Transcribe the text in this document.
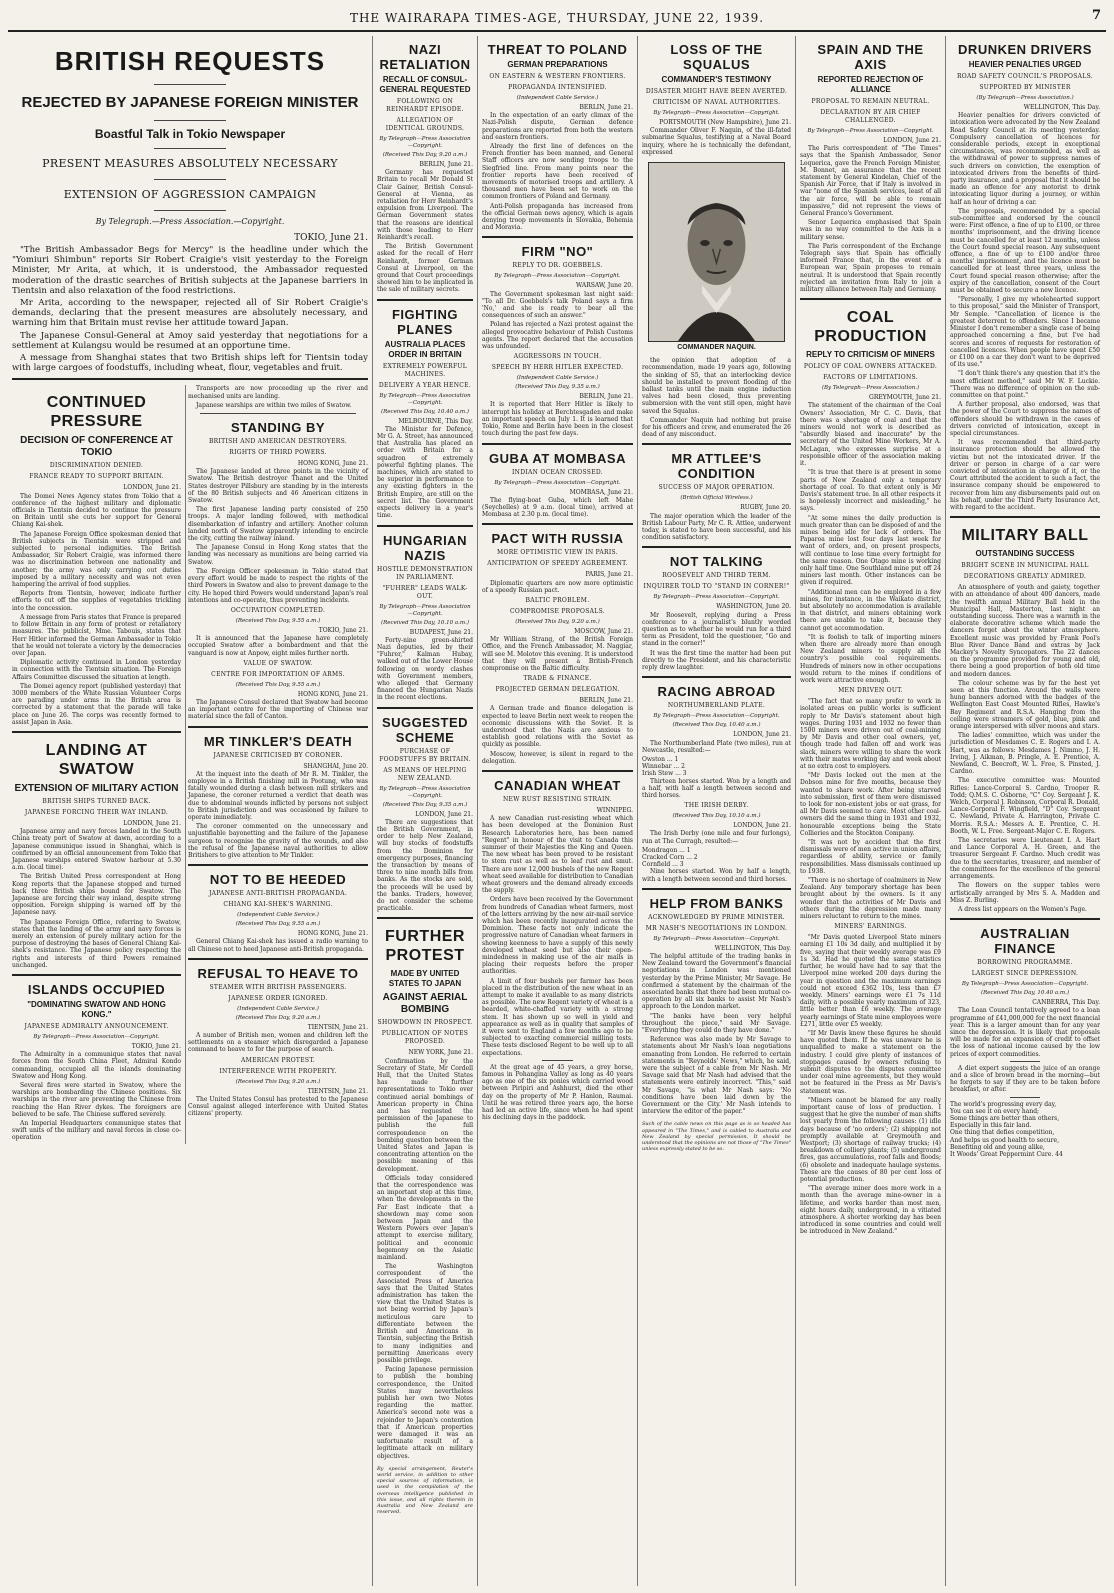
THE WAIRARAPA TIMES-AGE, THURSDAY, JUNE 22, 1939.	7
BRITISH REQUESTS
REJECTED BY JAPANESE FOREIGN MINISTER
Boastful Talk in Tokio Newspaper
PRESENT MEASURES ABSOLUTELY NECESSARY
EXTENSION OF AGGRESSION CAMPAIGN
By Telegraph.—Press Association.—Copyright.
TOKIO, June 21.

"The British Ambassador Begs for Mercy" is the headline under which the "Yomiuri Shimbun" reports Sir Robert Craigie's visit yesterday to the Foreign Minister, Mr Arita, at which, it is understood, the Ambassador requested moderation of the drastic searches of British subjects at the Japanese barriers in Tientsin and also relaxation of the food restrictions.

Mr Arita, according to the newspaper, rejected all of Sir Robert Craigie's demands, declaring that the present measures are absolutely necessary, and warning him that Britain must revise her attitude toward Japan.

The Japanese Consul-General at Amoy said yesterday that negotiations for a settlement at Kulangsu would be resumed at an opportune time.

A message from Shanghai states that two British ships left for Tientsin today with large cargoes of foodstuffs, including wheat, flour, vegetables and fruit.

CONTINUED PRESSURE
DECISION OF CONFERENCE AT TOKIO
DISCRIMINATION DENIED.
FRANCE READY TO SUPPORT BRITAIN.
LONDON, June 21.

The Domei News Agency states from Tokio that a conference of the highest military and diplomatic officials in Tientsin decided to continue the pressure on Britain until she cuts her support for General Chiang Kai-shek.

The Japanese Foreign Office spokesman denied that British subjects in Tientsin were stripped and subjected to personal indignities. The British Ambassador, Sir Robert Craigie, was informed there was no discrimination between one nationality and another; the army was only carrying out duties imposed by a military necessity and was not even hampering the arrival of food supplies.

Reports from Tientsin, however, indicate further efforts to cut off the supplies of vegetables trickling into the concession.

A message from Paris states that France is prepared to follow Britain in any form of protest or retaliatory measures. The publicist, Mme. Tabouis, states that Herr Hitler informed the German Ambassador in Tokio that he would not tolerate a victory by the democracies over Japan.

Diplomatic activity continued in London yesterday in connection with the Tientsin situation. The Foreign Affairs Committee discussed the situation at length.

The Domei agency report (published yesterday) that 3000 members of the White Russian Volunteer Corps are parading under arms in the British area is corrected by a statement that the parade will take place on June 26. The corps was recently formed to assist Japan in Asia.

LANDING AT SWATOW
EXTENSION OF MILITARY ACTION
BRITISH SHIPS TURNED BACK.
JAPANESE FORCING THEIR WAY INLAND.
LONDON, June 21.

Japanese army and navy forces landed in the South China treaty port of Swatow at dawn, according to a Japanese communique issued in Shanghai, which is confirmed by an official announcement from Tokio that Japanese warships entered Swatow harbour at 5.30 a.m. (local time).

The British United Press correspondent at Hong Kong reports that the Japanese stopped and turned back three British ships bound for Swatow. The Japanese are forcing their way inland, despite strong opposition. Foreign shipping is warned off by the Japanese navy.

The Japanese Foreign Office, referring to Swatow, states that the landing of the army and navy forces is merely an extension of purely military action for the purpose of destroying the bases of General Chiang Kai-shek's resistance. The Japanese policy respecting the rights and interests of third Powers remained unchanged.

ISLANDS OCCUPIED
"DOMINATING SWATOW AND HONG KONG."
JAPANESE ADMIRALTY ANNOUNCEMENT.
By Telegraph—Press Association—Copyright.
TOKIO, June 21.

The Admiralty in a communique states that naval forces from the South China Fleet, Admiral Kondo commanding, occupied all the islands dominating Swatow and Hong Kong.

Several fires were started in Swatow, where the warships are bombarding the Chinese positions. Six warships in the river are preventing the Chinese from reaching the Han River dykes. The foreigners are believed to be safe. The Chinese suffered severely.

An Imperial Headquarters communique states that swift units of the military and naval forces in close co-operation

Transports are now proceeding up the river and mechanised units are landing.

Japanese warships are within two miles of Swatow.

STANDING BY
BRITISH AND AMERICAN DESTROYERS.
RIGHTS OF THIRD POWERS.
HONG KONG, June 21.

The Japanese landed at three points in the vicinity of Swatow. The British destroyer Thanet and the United States destroyer Pillsbury are standing by in the interests of the 80 British subjects and 46 American citizens in Swatow.

The first Japanese landing party consisted of 250 troops. A major landing followed, with methodical disembarkation of infantry and artillery. Another column landed north of Swatow apparently intending to encircle the city, cutting the railway inland.

The Japanese Consul in Hong Kong states that the landing was necessary as munitions are being carried via Swatow.

The Foreign Officer spokesman in Tokio stated that every effort would be made to respect the rights of the third Powers in Swatow and also to prevent damage to the city. He hoped third Powers would understand Japan's real intentions and co-operate, thus preventing incidents.

OCCUPATION COMPLETED.
(Received This Day, 9.55 a.m.)
TOKIO, June 21.

It is announced that the Japanese have completely occupied Swatow after a bombardment and that the vanguard is now at Anpow, eight miles further north.

VALUE OF SWATOW.
CENTRE FOR IMPORTATION OF ARMS.
(Received This Day, 9.55 a.m.)
HONG KONG, June 21.

The Japanese Consul declared that Swatow had become an important centre for the importing of Chinese war material since the fall of Canton.

MR TINKLER'S DEATH
JAPANESE CRITICISED BY CORONER.
SHANGHAI, June 20.

At the inquest into the death of Mr R. M. Tinkler, the employee in a British finishing mill in Pootung, who was fatally wounded during a clash between mill strikers and Japanese, the coroner returned a verdict that death was due to abdominal wounds inflicted by persons not subject to British jurisdiction and was occasioned by failure to operate immediately.

The coroner commented on the unnecessary and unjustifiable bayonetting and the failure of the Japanese surgeon to recognise the gravity of the wounds, and also the refusal of the Japanese naval authorities to allow Britishers to give attention to Mr Tinkler.

NOT TO BE HEEDED
JAPANESE ANTI-BRITISH PROPAGANDA.
CHIANG KAI-SHEK'S WARNING.
(Independent Cable Service.)
(Received This Day, 9.55 a.m.)
HONG KONG, June 21.

General Chiang Kai-shek has issued a radio warning to all Chinese not to heed Japanese anti-British propaganda.

REFUSAL TO HEAVE TO
STEAMER WITH BRITISH PASSENGERS.
JAPANESE ORDER IGNORED.
(Independent Cable Service.)
(Received This Day, 9.20 a.m.)
TIENTSIN, June 21.

A number of British men, women and children left the settlements on a steamer which disregarded a Japanese command to heave to for the purpose of search.

AMERICAN PROTEST.
INTERFERENCE WITH PROPERTY.
(Received This Day, 9.20 a.m.)
TIENTSIN, June 21.

The United States Consul has protested to the Japanese Consul against alleged interference with United States citizens' property.

NAZI RETALIATION
RECALL OF CONSUL-GENERAL REQUESTED
FOLLOWING ON REINHARDT EPISODE.
ALLEGATION OF IDENTICAL GROUNDS.
By Telegraph—Press Association—Copyright.
(Received This Day, 9.20 a.m.)
BERLIN, June 21.

Germany has requested Britain to recall Mr Donald St Clair Gainer, British Consul-General at Vienna, as retaliation for Herr Reinhardt's expulsion from Liverpool. The German Government states that the reasons are identical with those leading to Herr Reinhardt's recall.

The British Government asked for the recall of Herr Reinhardt, former German Consul at Liverpool, on the ground that Court proceedings showed him to be implicated in the sale of military secrets.

FIGHTING PLANES
AUSTRALIA PLACES ORDER IN BRITAIN
EXTREMELY POWERFUL MACHINES.
DELIVERY A YEAR HENCE.
By Telegraph—Press Association—Copyright.
(Received This Day, 10.40 a.m.)
MELBOURNE, This Day.

The Minister for Defence, Mr G. A. Street, has announced that Australia has placed an order with Britain for a squadron of extremely powerful fighting planes. The machines, which are stated to be superior in performance to any existing fighters in the British Empire, are still on the secret list. The Government expects delivery in a year's time.

HUNGARIAN NAZIS
HOSTILE DEMONSTRATION IN PARLIAMENT.
"FUHRER" LEADS WALK-OUT.
By Telegraph—Press Association—Copyright.
(Received This Day, 10.10 a.m.)
BUDAPEST, June 21.

Forty-nine green-shirted Nazi deputies, led by their "Fuhrer," Kalman Hubay, walked out of the Lower House following on wordy clashes with Government members, who alleged that Germany financed the Hungarian Nazis in the recent elections.

SUGGESTED SCHEME
PURCHASE OF FOODSTUFFS BY BRITAIN.
AS MEANS OF HELPING NEW ZEALAND.
By Telegraph—Press Association—Copyright.
(Received This Day, 9.35 a.m.)
LONDON, June 21.

There are suggestions that the British Government, in order to help New Zealand, will buy stocks of foodstuffs from the Dominion for emergency purposes, financing the transaction by means of three to nine month bills from banks. As the stocks are sold, the proceeds will be used by the banks. Traders, however, do not consider the scheme practicable.

FURTHER PROTEST
MADE BY UNITED STATES TO JAPAN
AGAINST AERIAL BOMBING
SHOWDOWN IN PROSPECT.
PUBLICATION OF NOTES PROPOSED.
NEW YORK, June 21.

Confirmation by the Secretary of State, Mr Cordell Hull, that the United States has made further representations to Tokio over continued aerial bombings of American property in China and has requested the permission of the Japanese to publish the full correspondence on the bombing question between the United States and Japan is concentrating attention on the possible meaning of this development.

Officials today considered that the correspondence was an important step at this time, when the developments in the Far East indicate that a showdown may come soon between Japan and the Western Powers over Japan's attempt to exercise military, political and economic hegemony on the Asiatic mainland.

The Washington correspondent of the Associated Press of America says that the United States administration has taken the view that the United States is not being worried by Japan's meticulous care to differentiate between the British and Americans in Tientsin, subjecting the British to many indignities and permitting Americans every possible privilege.

Pacing Japanese permission to publish the bombing correspondence, the United States may nevertheless publish her own two Notes regarding the matter. America's second note was a rejoinder to Japan's contention that if American properties were damaged it was an unfortunate result of a legitimate attack on military objectives.

By special arrangement, Reuter's world service, in addition to other special sources of information, is used in the compilation of the overseas intelligence published in this issue, and all rights therein in Australia and New Zealand are reserved.
THREAT TO POLAND
GERMAN PREPARATIONS
ON EASTERN & WESTERN FRONTIERS.
PROPAGANDA INTENSIFIED.
(Independent Cable Service.)
BERLIN, June 21.

In the expectation of an early climax of the Nazi-Polish dispute, German defence preparations are reported from both the western and eastern frontiers.

Already the first line of defences on the French frontier has been manned, and General Staff officers are now sending troops to the Siegfried line. From many points near the frontier reports have been received of movements of motorised troops and artillery. A thousand men have been set to work on the common frontiers of Poland and Germany.

Anti-Polish propaganda has increased from the official German news agency, which is again denying troop movements in Slovakia, Bohemia and Moravia.

FIRM "NO"
REPLY TO DR. GOEBBELS.
By Telegraph—Press Association—Copyright.
WARSAW, June 20.

The Government spokesman last night said: "To all Dr. Goebbels's talk Poland says a firm 'No,' and she is ready to bear all the consequences of such an answer."

Poland has rejected a Nazi protest against the alleged provocative behaviour of Polish Customs agents. The report declared that the accusation was unfounded.

AGGRESSORS IN TOUCH.
SPEECH BY HERR HITLER EXPECTED.
(Independent Cable Service.)
(Received This Day, 9.35 a.m.)
BERLIN, June 21.

It is reported that Herr Hitler is likely to interrupt his holiday at Berchtesgaden and make an important speech on July 1. It is learned that Tokio, Rome and Berlin have been in the closest touch during the past few days.

GUBA AT MOMBASA
INDIAN OCEAN CROSSED.
By Telegraph—Press Association—Copyright.
MOMBASA, June 21.

The flying-boat Guba, which left Mahe (Seychelles) at 9 a.m. (local time), arrived at Mombasa at 2.30 p.m. (local time).

PACT WITH RUSSIA
MORE OPTIMISTIC VIEW IN PARIS.
ANTICIPATION OF SPEEDY AGREEMENT.
PARIS, June 21.

Diplomatic quarters are now more optimistic of a speedy Russian pact.

BALTIC PROBLEM.
COMPROMISE PROPOSALS.
(Received This Day, 9.20 a.m.)
MOSCOW, June 21.

Mr William Strang, of the British Foreign Office, and the French Ambassador, M. Naggiar, will see M. Molotov this evening. It is understood that they will present a British-French compromise on the Baltic difficulty.

TRADE & FINANCE.
PROJECTED GERMAN DELEGATION.
BERLIN, June 21.

A German trade and finance delegation is expected to leave Berlin next week to reopen the economic discussions with the Soviet. It is understood that the Nazis are anxious to establish good relations with the Soviet as quickly as possible.

Moscow, however, is silent in regard to the delegation.

CANADIAN WHEAT
NEW RUST RESISTING STRAIN.
WINNIPEG.

A new Canadian rust-resisting wheat which has been developed at the Dominion Rust Research Laboratories here, has been named "Regent" in honour of the visit to Canada this summer of their Majesties the King and Queen. The new wheat has been proved to be resistant to stem rust as well as to leaf rust and smut. There are now 12,000 bushels of the new Regent wheat seed available for distribution to Canadian wheat growers and the demand already exceeds the supply.

Orders have been received by the Government from hundreds of Canadian wheat farmers, most of the letters arriving by the new air-mail service which has been recently inaugurated across the Dominion. These facts not only indicate the progressive nature of Canadian wheat farmers in showing keenness to have a supply of this newly developed wheat seed but also their open-mindedness in making use of the air mails in placing their requests before the proper authorities.

A limit of four bushels per farmer has been placed in the distribution of the new wheat in an attempt to make it available to as many districts as possible. The new Regent variety of wheat is a bearded, white-chaffed variety with a strong stem. It has shown up so well in yield and appearance as well as in quality that samples of it were sent to England a few months ago to be subjected to exacting commercial milling tests. These tests disclosed Regent to be well up to all expectations.

At the great age of 45 years, a grey horse, famous in Pohangina Valley as long as 40 years ago as one of the six ponies which carried wood between Piripiri and Ashhurst, died the other day on the property of Mr P. Hanlon, Raumai. Until he was retired three years ago, the horse had led an active life, since when he had spent his declining days in the paddock.

LOSS OF THE SQUALUS
COMMANDER'S TESTIMONY
DISASTER MIGHT HAVE BEEN AVERTED.
CRITICISM OF NAVAL AUTHORITIES.
By Telegraph—Press Association—Copyright.
PORTSMOUTH (New Hampshire), June 21.

Commander Oliver F. Naquin, of the ill-fated submarine Squalus, testifying at a Naval Board inquiry, where he is technically the defendant, expressed

COMMANDER NAQUIN.

the opinion that adoption of a recommendation, made 19 years ago, following the sinking of S5, that an interlocking device should be installed to prevent flooding of the ballast tanks until the main engine induction valves had been closed, thus preventing submersion with the vent still open, might have saved the Squalus.

Commander Naquin had nothing but praise for his officers and crew, and enumerated the 26 dead of any misconduct.

MR ATTLEE'S CONDITION
SUCCESS OF MAJOR OPERATION.
(British Official Wireless.)
RUGBY, June 20.

The major operation which the leader of the British Labour Party, Mr C. R. Attlee, underwent today, is stated to have been successful, and his condition satisfactory.

NOT TALKING
ROOSEVELT AND THIRD TERM.
INQUIRER TOLD TO "STAND IN CORNER!"
By Telegraph—Press Association—Copyright.
WASHINGTON, June 20.

Mr Roosevelt, replying during a Press conference to a journalist's bluntly worded question as to whether he would run for a third term as President, told the questioner, "Go and stand in the corner!"

It was the first time the matter had been put directly to the President, and his characteristic reply drew laughter.

RACING ABROAD
NORTHUMBERLAND PLATE.
By Telegraph—Press Association—Copyright.
(Received This Day, 10.40 a.m.)
LONDON, June 21.

The Northumberland Plate (two miles), run at Newcastle, resulted:—

Owston ... 1
Winnebar ... 2
Irish Stew ... 3

Thirteen horses started. Won by a length and a half, with half a length between second and third horses.

THE IRISH DERBY.
(Received This Day, 10.10 a.m.)
LONDON, June 21.

The Irish Derby (one mile and four furlongs), run at The Curragh, resulted:—

Mondragon ... 1
Cracked Corn ... 2
Cornfield ... 3

Nine horses started. Won by half a length, with a length between second and third horses.

HELP FROM BANKS
ACKNOWLEDGED BY PRIME MINISTER.
MR NASH'S NEGOTIATIONS IN LONDON.
By Telegraph—Press Association—Copyright.
WELLINGTON, This Day.

The helpful attitude of the trading banks in New Zealand toward the Government's financial negotiations in London was mentioned yesterday by the Prime Minister, Mr Savage. He confirmed a statement by the chairman of the associated banks that there had been mutual co-operation by all six banks to assist Mr Nash's approach to the London market.

"The banks have been very helpful throughout the piece," said Mr Savage. "Everything they could do they have done."

Reference was also made by Mr Savage to statements about Mr Nash's loan negotiations emanating from London. He referred to certain statements in "Reynolds' News," which, he said, were the subject of a cable from Mr Nash. Mr Savage said that Mr Nash had advised that the statements were entirely incorrect. "This," said Mr Savage, "is what Mr Nash says: 'No conditions have been laid down by the Government or the City.' Mr Nash intends to interview the editor of the paper."

Such of the cable news on this page as is so headed has appeared in "The Times," and is cabled to Australia and New Zealand by special permission. It should be understood that the opinions are not those of "The Times" unless expressly stated to be so.
SPAIN AND THE AXIS
REPORTED REJECTION OF ALLIANCE
PROPOSAL TO REMAIN NEUTRAL.
DECLARATION BY AIR CHIEF CHALLENGED.
By Telegraph—Press Association—Copyright.
LONDON, June 21.

The Paris correspondent of "The Times" says that the Spanish Ambassador, Senor Lequerica, gave the French Foreign Minister, M. Bonnet, an assurance that the recent statement by General Kindelan, Chief of the Spanish Air Force, that if Italy is involved in war "none of the Spanish services, least of all the air force, will be able to remain impassive," did not represent the views of General Franco's Government.

Senor Lequerica emphasised that Spain was in no way committed to the Axis in a military sense.

The Paris correspondent of the Exchange Telegraph says that Spain has officially informed France that, in the event of a European war, Spain proposes to remain neutral. It is understood that Spain recently rejected an invitation from Italy to join a military alliance between Italy and Germany.

COAL PRODUCTION
REPLY TO CRITICISM OF MINERS
POLICY OF COAL OWNERS ATTACKED.
FACTORS OF LIMITATIONS.
(By Telegraph—Press Association.)
GREYMOUTH, June 21.

The statement of the chairman of the Coal Owners' Association, Mr C. C. Davis, that there was a shortage of coal and that the miners would not work is described as "absurdly biased and inaccurate" by the secretary of the United Mine Workers, Mr A. McLagan, who expresses surprise at a responsible officer of the association making it.

"It is true that there is at present in some parts of New Zealand only a temporary shortage of coal. To that extent only is Mr Davis's statement true. In all other respects it is hopelessly incorrect and misleading," he says.

"At some mines the daily production is much greater than can be disposed of and the mines being idle for lack of orders. The Paparoa mine lost four days last week for want of orders, and, on present prospects, will continue to lose time every fortnight for the same reason. One Otago mine is working only half time. One Southland mine put off 24 miners last month. Other instances can be given if required.

"Additional men can be employed in a few mines, for instance, in the Waikato district, but absolutely no accommodation is available in that district, and miners obtaining work there are unable to take it, because they cannot get accommodation.

"It is foolish to talk of importing miners when there are already more than enough New Zealand miners to supply all the country's possible coal requirements. Hundreds of miners now in other occupations would return to the mines if conditions of work were attractive enough.

MEN DRIVEN OUT.

"The fact that so many prefer to work in isolated areas on public works is sufficient reply to Mr Davis's statement about high wages. During 1931 and 1932 no fewer than 1500 miners were driven out of coal-mining by Mr Davis and other coal owners, yet, though trade had fallen off and work was slack, miners were willing to share the work with their mates working day and week about at no extra cost to employers.

"Mr Davis locked out the men at the Dobson mine for five months, because they wanted to share work. After being starved into submission, first of them were dismissed to look for non-existent jobs or eat grass, for all Mr Davis seemed to care. Most other coal-owners did the same thing in 1931 and 1932, honourable exceptions being the State Collieries and the Stockton Company.

"It was not by accident that the first dismissals were of men active in union affairs, regardless of ability, service or family responsibilities. Mass dismissals continued up to 1938.

"There is no shortage of coalminers in New Zealand. Any temporary shortage has been brought about by the owners. Is it any wonder that the activities of Mr Davis and others during the depression made many miners reluctant to return to the mines.

MINERS' EARNINGS.

"Mr Davis quoted Liverpool State miners earning £1 10s 3d daily, and multiplied it by five, saying that their weekly average was £9 1s 3d. Had he quoted the same statistics further, he would have had to say that the Liverpool mine worked 200 days during the year in question and the maximum earnings could not exceed £362 10s, less than £7 weekly. Miners' earnings were £1 7s 11d daily, with a possible yearly maximum of 323, little better than £6 weekly. The average yearly earnings of State mine employees were £271, little over £5 weekly.

"If Mr Davis knew these figures he should have quoted them. If he was unaware he is unqualified to make a statement on the industry. I could give plenty of instances of stoppages caused by owners refusing to submit disputes to the disputes committee under coal mine agreements, but they would not be featured in the Press as Mr Davis's statement was.

"Miners cannot be blamed for any really important cause of loss of production. I suggest that he give the number of man shifts lost yearly from the following causes: (1) idle days because of 'no orders'; (2) shipping not promptly available at Greymouth and Westport; (3) shortage of railway trucks; (4) breakdown of colliery plants; (5) underground fires, gas accumulations, roof falls and floods; (6) obsolete and inadequate haulage systems. These are the causes of 80 per cent loss of potential production.

"The average miner does more work in a month than the average mine-owner in a lifetime, and works harder than most men, eight hours daily, underground, in a vitiated atmosphere. A shorter working day has been introduced in some countries and could well be introduced in New Zealand."

DRUNKEN DRIVERS
HEAVIER PENALTIES URGED
ROAD SAFETY COUNCIL'S PROPOSALS.
SUPPORTED BY MINISTER
(By Telegraph—Press Association.)
WELLINGTON, This Day.

Heavier penalties for drivers convicted of intoxication were advocated by the New Zealand Road Safety Council at its meeting yesterday. Compulsory cancellation of licences for considerable periods, except in exceptional circumstances, was recommended, as well as the withdrawal of power to suppress names of such drivers on conviction, the exemption of intoxicated drivers from the benefits of third-party insurance, and a proposal that it should be made an offence for any motorist to drink intoxicating liquor during a journey, or within half an hour of driving a car.

The proposals, recommended by a special sub-committee and endorsed by the council were: First offence, a fine of up to £100, or three months' imprisonment, and the driving licence must be cancelled for at least 12 months, unless the Court found special reason. Any subsequent offence, a fine of up to £100 and/or three months' imprisonment, and the licence must be cancelled for at least three years, unless the Court found special reason otherwise; after the expiry of the cancellation, consent of the Court must be obtained to secure a new licence.

"Personally, I give my wholehearted support to this proposal," said the Minister of Transport, Mr Semple. "Cancellation of licence is the greatest deterrent to offenders. Since I became Minister I don't remember a single case of being approached concerning a fine, but I've had scores and scores of requests for restoration of cancelled licences. When people have spent £50 or £100 on a car they don't want to be deprived of its use."

"I don't think there's any question that it's the most efficient method," said Mr W. F. Luckie. "There was no difference of opinion on the sub-committee on that point."

A further proposal, also endorsed, was that the power of the Court to suppress the names of offenders should be withdrawn in the cases of drivers convicted of intoxication, except in special circumstances.

It was recommended that third-party insurance protection should be allowed the victim but not the intoxicated driver. If the driver or person in charge of a car were convicted of intoxication in charge of it, or the Court attributed the accident to such a fact, the insurance company should be empowered to recover from him any disbursements paid out on his behalf, under the Third Party Insurance Act, with regard to the accident.

MILITARY BALL
OUTSTANDING SUCCESS
BRIGHT SCENE IN MUNICIPAL HALL
DECORATIONS GREATLY ADMIRED.

An atmosphere of youth and gaiety, together with an attendance of about 400 dancers, made the twelfth annual Military Ball held in the Municipal Hall, Masterton, last night an outstanding success. There was a warmth in the elaborate decorative scheme which made the dancers forget about the winter atmosphere. Excellent music was provided by Frank Pool's Blue River Dance Band and extras by Jack Mackey's Novelty Syncopators. The 22 dances on the programme provided for young and old, there being a good proportion of both old time and modern dances.

The colour scheme was by far the best yet seen at this function. Around the walls were hung banners adorned with the badges of the Wellington East Coast Mounted Rifles, Hawke's Bay Regiment and R.S.A. Hanging from the ceiling were streamers of gold, blue, pink and orange interspersed with silver moons and stars.

The ladies' committee, which was under the jurisdiction of Mesdames C. E. Rogers and I. A. Hart, was as follows: Mesdames J. Nimmo, J. H. Irving, J. Aikman, B. Pringle, A. E. Prentice, A. Newland, C. Beecroft, W. L. Free, S. Pinsted, J. Cardno.

The executive committee was: Mounted Rifles: Lance-Corporal S. Cardno, Trooper R. Todd; Q.M.S. C. Osborne, "C" Coy. Sergeant J. K. Welch, Corporal J. Robinson, Corporal R. Donald, Lance-Corporal F. Wingfield, "D" Coy. Sergeant C. Newland, Private A. Harrington, Private C. Morris. R.S.A.: Messrs A. E. Prentice, C. H. Booth, W. L. Free. Sergeant-Major C. E. Rogers.

The secretaries were Lieutenant I. A. Hart and Lance Corporal A. H. Green, and the treasurer Sergeant F. Cardno. Much credit was due to the secretaries, treasurer, and member of the committees for the excellence of the general arrangements.

The flowers on the supper tables were artistically arranged by Mrs S. A. Madden and Miss Z. Burling.

A dress list appears on the Women's Page.

AUSTRALIAN FINANCE
BORROWING PROGRAMME.
LARGEST SINCE DEPRESSION.
By Telegraph—Press Association—Copyright.
(Received This Day, 10.40 a.m.)
CANBERRA, This Day.

The Loan Council tentatively agreed to a loan programme of £41,000,000 for the next financial year. This is a larger amount than for any year since the depression. It is likely that proposals will be made for an expansion of credit to offset the loss of national income caused by the low prices of export commodities.

A diet expert suggests the juice of an orange and a slice of brown bread in the morning—but he forgets to say if they are to be taken before breakfast, or after.

The world's progressing every day,
You can see it on every hand;
Some things are better than others,
Especially in this fair land.
One thing that defies competition,
And helps us good health to secure,
Benefiting old and young alike,
It Woods' Great Peppermint Cure. 44
